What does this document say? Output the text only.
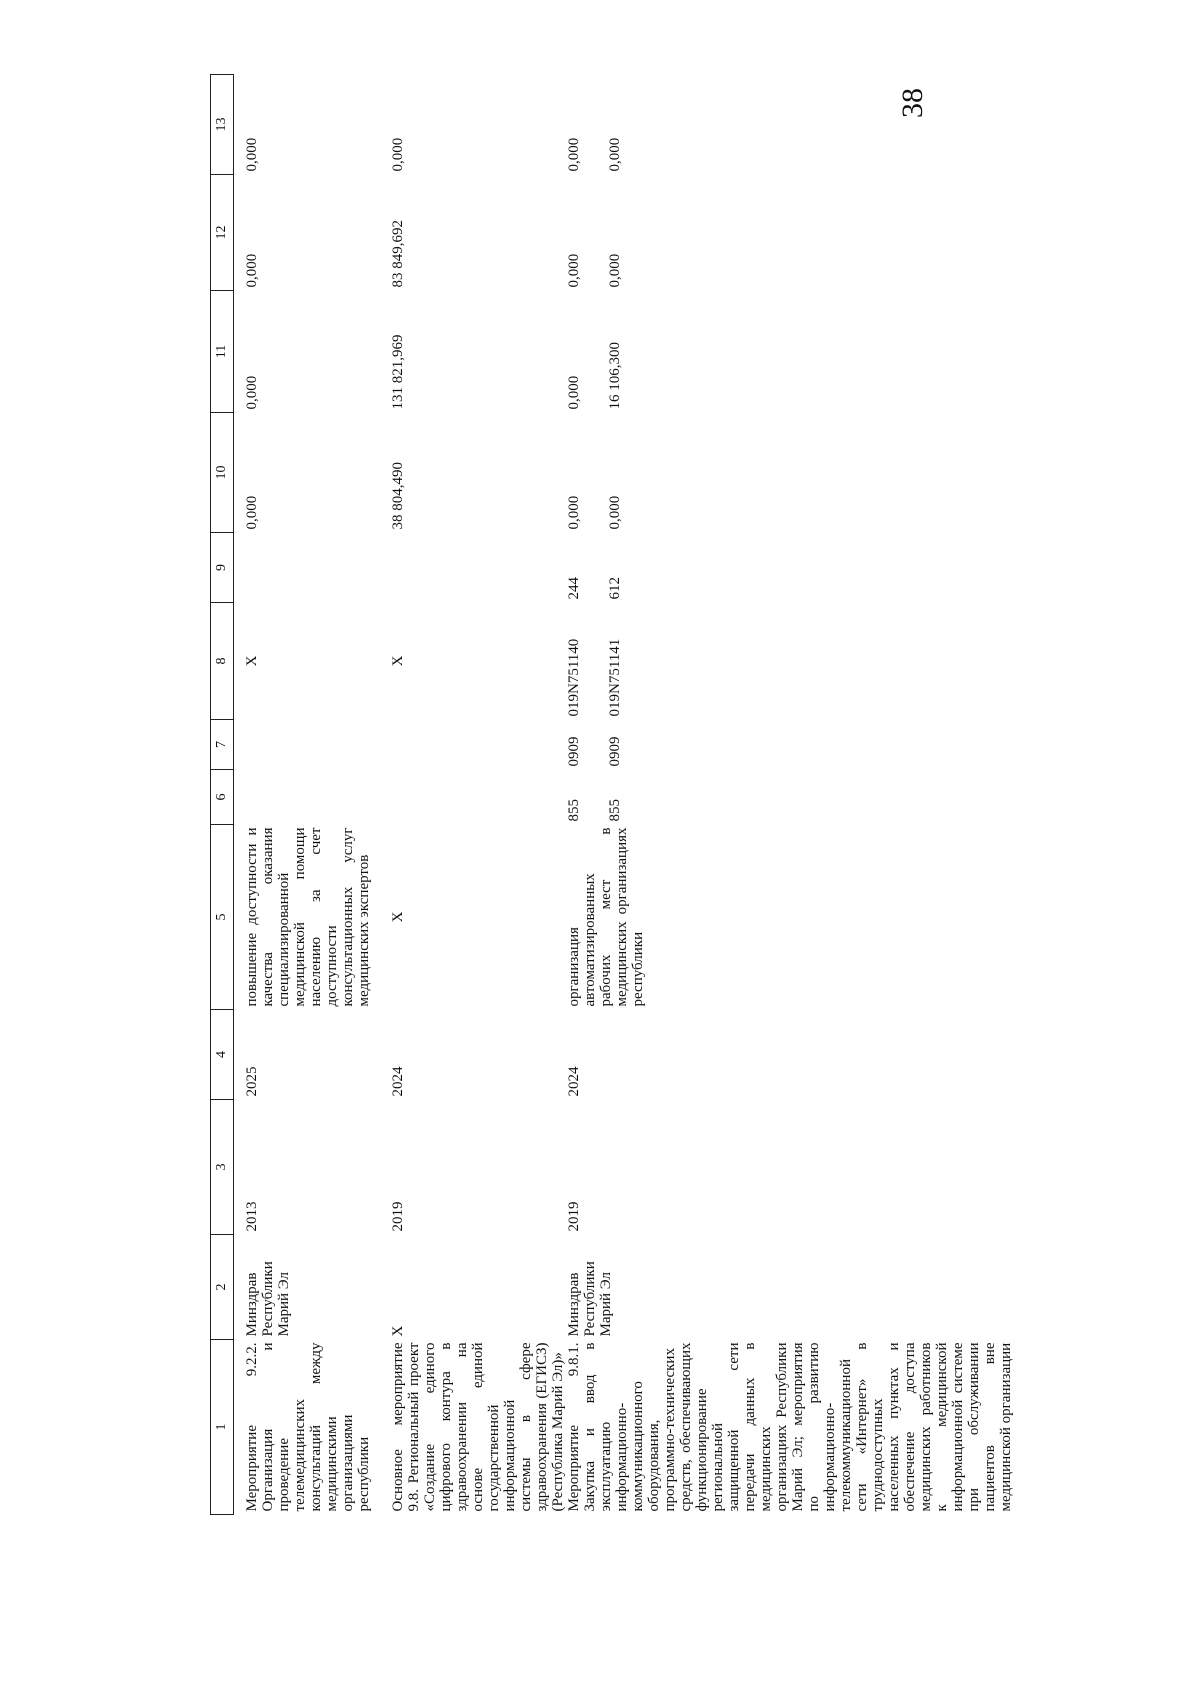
38
1	2	3	4	5	6	7	8	9	10	11	12	13

Мероприятие 9.2.2. Организация и проведение телемедицинских консультаций между медицинскими организациями республики	Минздрав Республики Марий Эл	2013	2025	повышение доступности и качества оказания специализированной медицинской помощи населению за счет доступности консультационных услуг медицинских экспертов			X		0,000	0,000	0,000	0,000
Основное мероприятие 9.8. Региональный проект «Создание единого цифрового контура в здравоохранении на основе единой государственной информационной системы в сфере здравоохранения (ЕГИСЗ) (Республика Марий Эл)»	X	2019	2024	X			X		38 804,490	131 821,969	83 849,692	0,000
Мероприятие 9.8.1. Закупка и ввод в эксплуатацию информационно-коммуникационного оборудования, программно-технических средств, обеспечивающих функционирование региональной защищенной сети передачи данных в медицинских организациях Республики Марий Эл; мероприятия по развитию информационно-телекоммуникационной сети «Интернет» в труднодоступных населенных пунктах и обеспечение доступа медицинских работников к медицинской информационной системе при обслуживании пациентов вне медицинской организации	Минздрав Республики Марий Эл	2019	2024	организация автоматизированных рабочих мест в медицинских организациях республики	855	0909	019N751140	244	0,000	0,000	0,000	0,000
					855	0909	019N751141	612	0,000	16 106,300	0,000	0,000
